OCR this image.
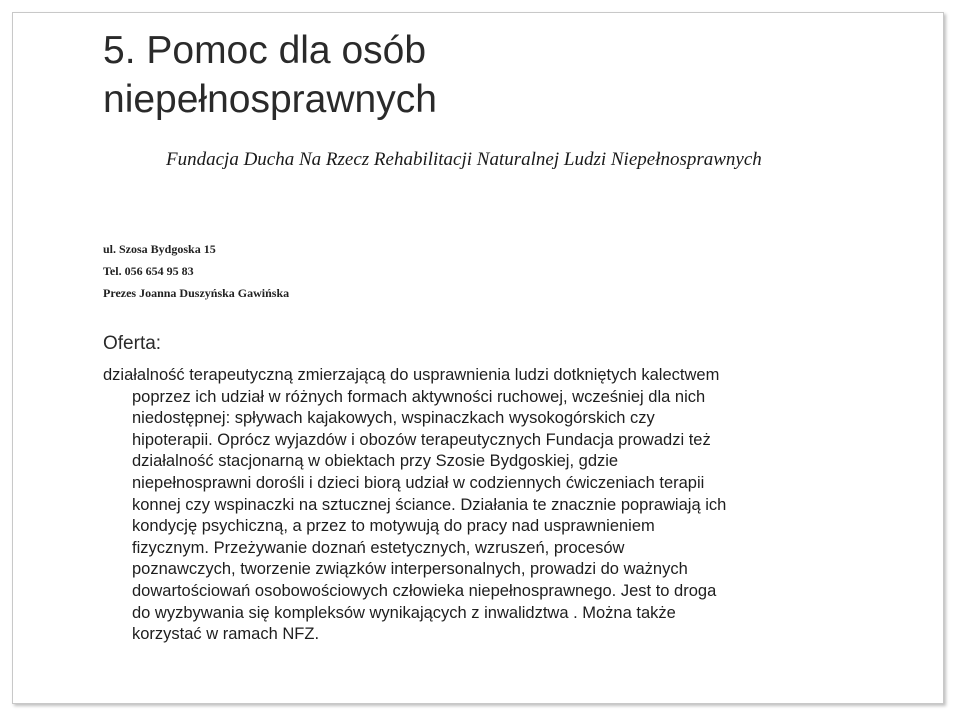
5. Pomoc dla osób
niepełnosprawnych
Fundacja Ducha Na Rzecz Rehabilitacji Naturalnej Ludzi Niepełnosprawnych
ul. Szosa Bydgoska 15
Tel. 056 654 95 83
Prezes Joanna Duszyńska Gawińska
Oferta:
działalność terapeutyczną zmierzającą do usprawnienia ludzi dotkniętych kalectwem
poprzez ich udział w różnych formach aktywności ruchowej, wcześniej dla nich
niedostępnej: spływach kajakowych, wspinaczkach wysokogórskich czy
hipoterapii. Oprócz wyjazdów i obozów terapeutycznych Fundacja prowadzi też
działalność stacjonarną w obiektach przy Szosie Bydgoskiej, gdzie
niepełnosprawni dorośli i dzieci biorą udział w codziennych ćwiczeniach terapii
konnej czy wspinaczki na sztucznej ściance. Działania te znacznie poprawiają ich
kondycję psychiczną, a przez to motywują do pracy nad usprawnieniem
fizycznym. Przeżywanie doznań estetycznych, wzruszeń, procesów
poznawczych, tworzenie związków interpersonalnych, prowadzi do ważnych
dowartościowań osobowościowych człowieka niepełnosprawnego. Jest to droga
do wyzbywania się kompleksów wynikających z inwalidztwa . Można także
korzystać w ramach NFZ.
